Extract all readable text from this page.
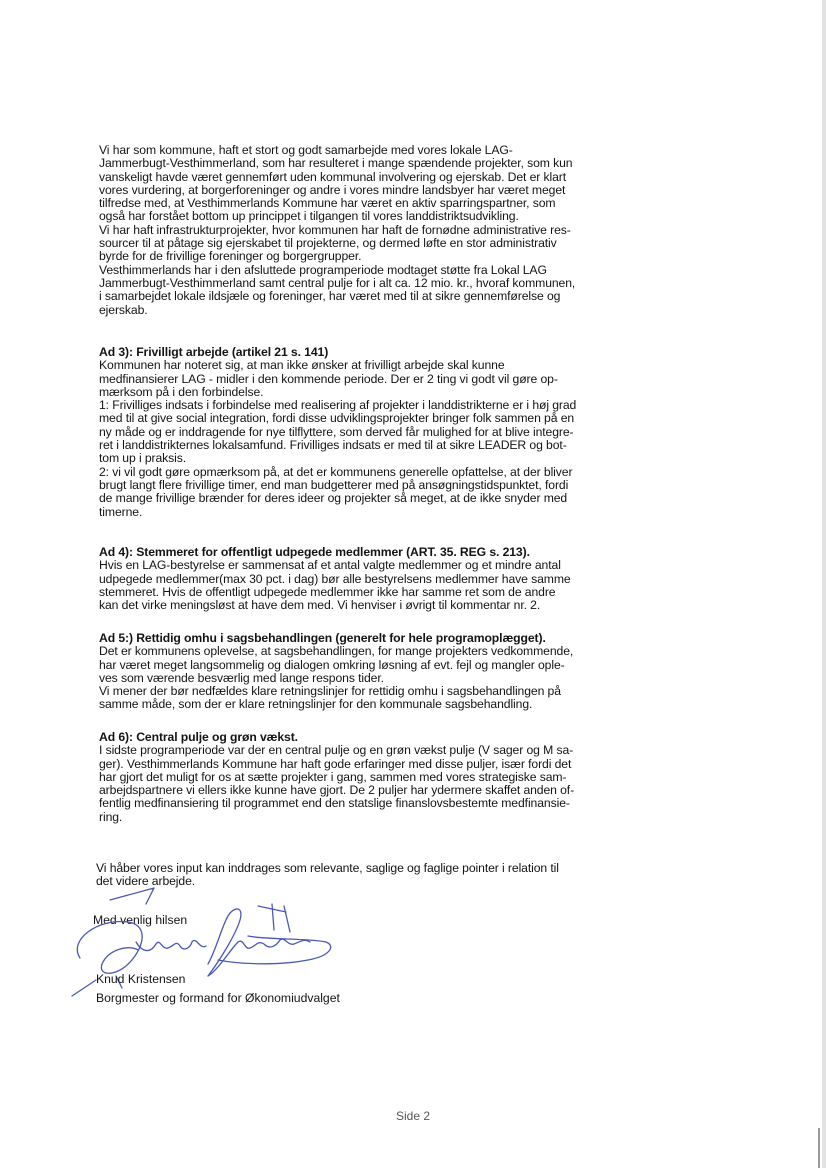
Vi har som kommune, haft et stort og godt samarbejde med vores lokale LAG-
Jammerbugt-Vesthimmerland, som har resulteret i mange spændende projekter, som kun
vanskeligt havde været gennemført uden kommunal involvering og ejerskab. Det er klart
vores vurdering, at borgerforeninger og andre i vores mindre landsbyer har været meget
tilfredse med, at Vesthimmerlands Kommune har været en aktiv sparringspartner, som
også har forstået bottom up princippet i tilgangen til vores landdistriktsudvikling.
Vi har haft infrastrukturprojekter, hvor kommunen har haft de fornødne administrative res-
sourcer til at påtage sig ejerskabet til projekterne, og dermed løfte en stor administrativ
byrde for de frivillige foreninger og borgergrupper.
Vesthimmerlands har i den afsluttede programperiode modtaget støtte fra Lokal LAG
Jammerbugt-Vesthimmerland samt central pulje for i alt ca. 12 mio. kr., hvoraf kommunen,
i samarbejdet lokale ildsjæle og foreninger, har været med til at sikre gennemførelse og
ejerskab.
Ad 3): Frivilligt arbejde (artikel 21 s. 141)
Kommunen har noteret sig, at man ikke ønsker at frivilligt arbejde skal kunne
medfinansierer LAG - midler i den kommende periode. Der er 2 ting vi godt vil gøre op-
mærksom på i den forbindelse.
1: Frivilliges indsats i forbindelse med realisering af projekter i landdistrikterne er i høj grad
med til at give social integration, fordi disse udviklingsprojekter bringer folk sammen på en
ny måde og er inddragende for nye tilflyttere, som derved får mulighed for at blive integre-
ret i landdistrikternes lokalsamfund. Frivilliges indsats er med til at sikre LEADER og bot-
tom up i praksis.
2: vi vil godt gøre opmærksom på, at det er kommunens generelle opfattelse, at der bliver
brugt langt flere frivillige timer, end man budgetterer med på ansøgningstidspunktet, fordi
de mange frivillige brænder for deres ideer og projekter så meget, at de ikke snyder med
timerne.
Ad 4): Stemmeret for offentligt udpegede medlemmer (ART. 35. REG s. 213).
Hvis en LAG-bestyrelse er sammensat af et antal valgte medlemmer og et mindre antal
udpegede medlemmer(max 30 pct. i dag) bør alle bestyrelsens medlemmer have samme
stemmeret. Hvis de offentligt udpegede medlemmer ikke har samme ret som de andre
kan det virke meningsløst at have dem med. Vi henviser i øvrigt til kommentar nr. 2.
Ad 5:) Rettidig omhu i sagsbehandlingen (generelt for hele programoplægget).
Det er kommunens oplevelse, at sagsbehandlingen, for mange projekters vedkommende,
har været meget langsommelig og dialogen omkring løsning af evt. fejl og mangler ople-
ves som værende besværlig med lange respons tider.
Vi mener der bør nedfældes klare retningslinjer for rettidig omhu i sagsbehandlingen på
samme måde, som der er klare retningslinjer for den kommunale sagsbehandling.
Ad 6): Central pulje og grøn vækst.
I sidste programperiode var der en central pulje og en grøn vækst pulje (V sager og M sa-
ger). Vesthimmerlands Kommune har haft gode erfaringer med disse puljer, især fordi det
har gjort det muligt for os at sætte projekter i gang, sammen med vores strategiske sam-
arbejdspartnere vi ellers ikke kunne have gjort. De 2 puljer har ydermere skaffet anden of-
fentlig medfinansiering til programmet end den statslige finanslovsbestemte medfinansie-
ring.
Vi håber vores input kan inddrages som relevante, saglige og faglige pointer i relation til
det videre arbejde.
Med venlig hilsen
Knud Kristensen
Borgmester og formand for Økonomiudvalget
Side 2
